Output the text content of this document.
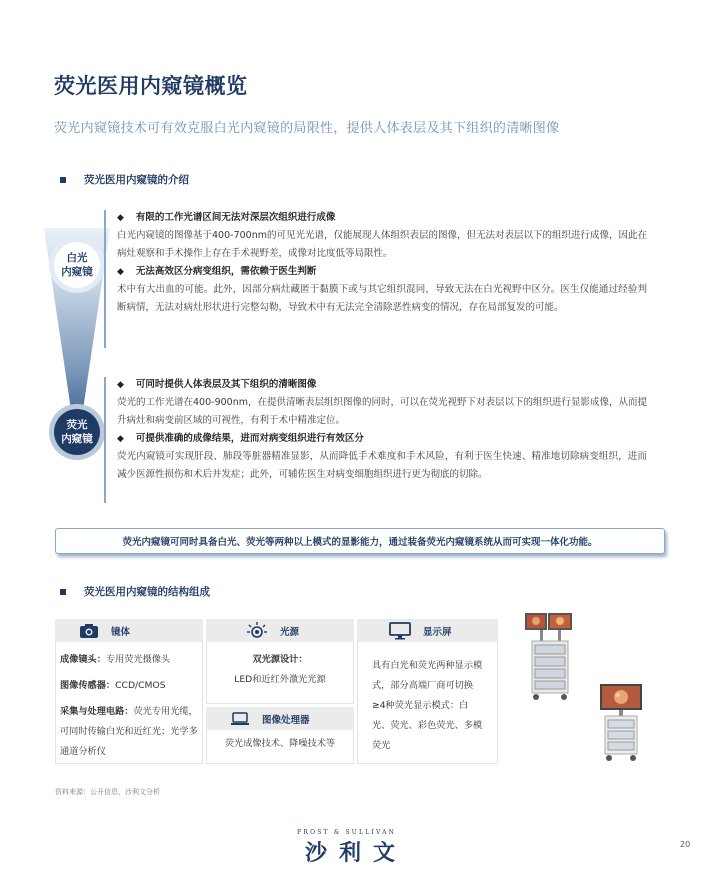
荧光医用内窥镜概览
荧光内窥镜技术可有效克服白光内窥镜的局限性，提供人体表层及其下组织的清晰图像
荧光医用内窥镜的介绍
白光
内窥镜
荧光
内窥镜
◆ 有限的工作光谱区间无法对深层次组织进行成像
白光内窥镜的图像基于400-700nm的可见光光谱，仅能展现人体组织表层的图像，但无法对表层以下的组织进行成像，因此在病灶观察和手术操作上存在手术视野差，成像对比度低等局限性。
◆ 无法高效区分病变组织，需依赖于医生判断
术中有大出血的可能。此外，因部分病灶藏匿于黏膜下或与其它组织混同，导致无法在白光视野中区分。医生仅能通过经验判断病情，无法对病灶形状进行完整勾勒，导致术中有无法完全清除恶性病变的情况，存在局部复发的可能。
◆ 可同时提供人体表层及其下组织的清晰图像
荧光的工作光谱在400-900nm，在提供清晰表层组织图像的同时，可以在荧光视野下对表层以下的组织进行显影成像，从而提升病灶和病变前区域的可视性，有利于术中精准定位。
◆ 可提供准确的成像结果，进而对病变组织进行有效区分
荧光内窥镜可实现肝段、肺段等脏器精准显影，从而降低手术难度和手术风险，有利于医生快速、精准地切除病变组织，进而减少医源性损伤和术后并发症；此外，可辅佐医生对病变细胞组织进行更为彻底的切除。
荧光内窥镜可同时具备白光、荧光等两种以上模式的显影能力，通过装备荧光内窥镜系统从而可实现一体化功能。
荧光医用内窥镜的结构组成
镜体
成像镜头：专用荧光摄像头
图像传感器：CCD/CMOS
采集与处理电路：荧光专用光缆，可同时传输白光和近红光；光学多通道分析仪
光源
双光源设计：
LED和近红外激光光源
图像处理器
荧光成像技术、降噪技术等
显示屏
具有白光和荧光两种显示模式，部分高端厂商可切换≥4种荧光显示模式：白光、荧光、彩色荧光、多模荧光
资料来源：公开信息，沙利文分析
FROST & SULLIVAN
沙利文	20
